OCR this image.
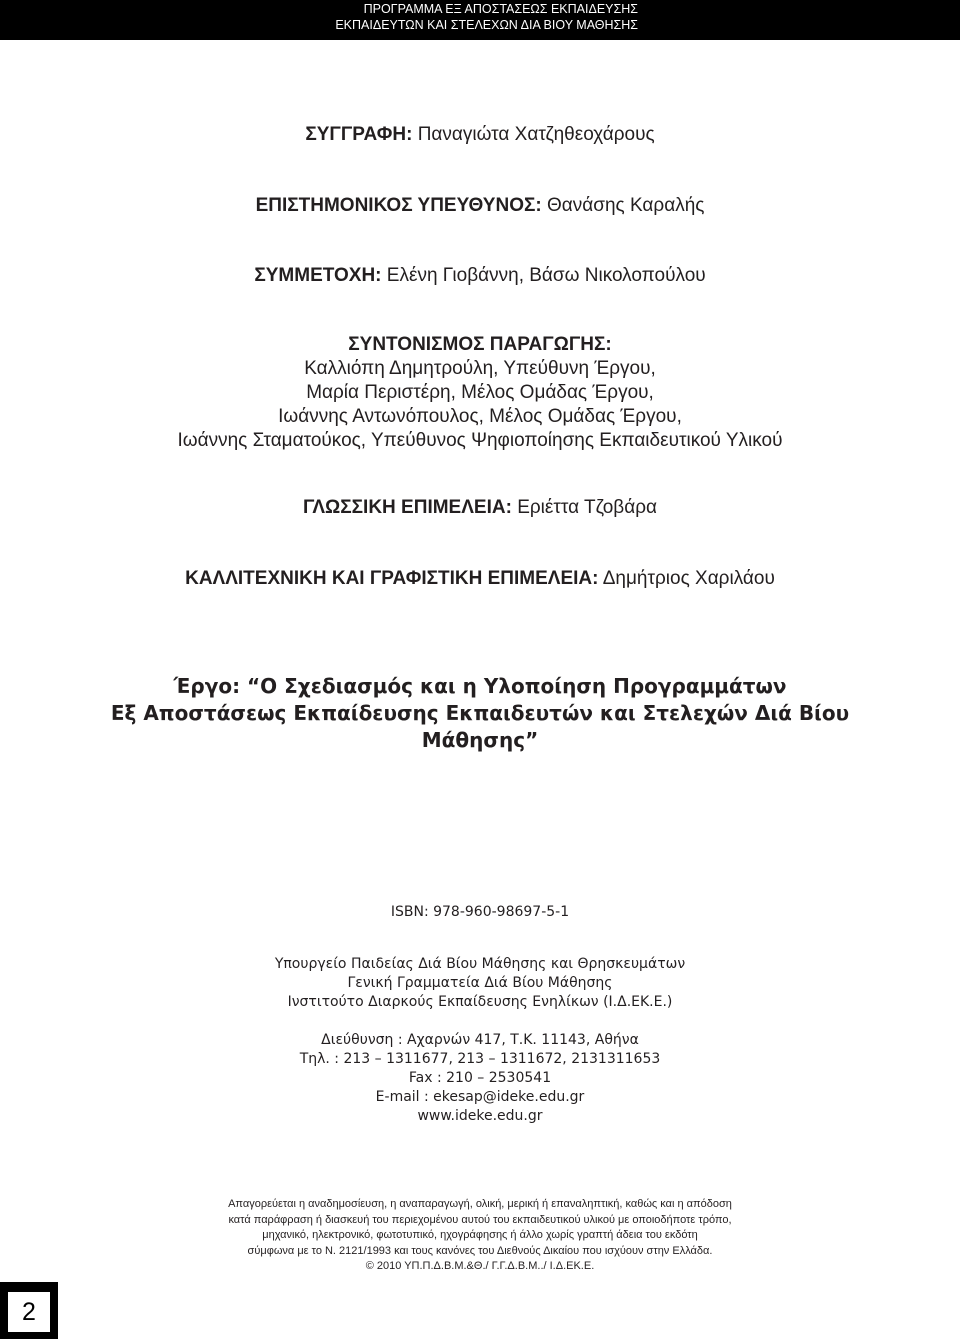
ΠΡΟΓΡΑΜΜΑ ΕΞ ΑΠΟΣΤΑΣΕΩΣ ΕΚΠΑΙΔΕΥΣΗΣ
ΕΚΠΑΙΔΕΥΤΩΝ ΚΑΙ ΣΤΕΛΕΧΩΝ ΔΙΑ ΒΙΟΥ ΜΑΘΗΣΗΣ
ΣΥΓΓΡΑΦΗ: Παναγιώτα Χατζηθεοχάρους
ΕΠΙΣΤΗΜΟΝΙΚΟΣ ΥΠΕΥΘΥΝΟΣ: Θανάσης Καραλής
ΣΥΜΜΕΤΟΧΗ: Ελένη Γιοβάννη, Βάσω Νικολοπούλου
ΣΥΝΤΟΝΙΣΜΟΣ ΠΑΡΑΓΩΓΗΣ:
Καλλιόπη Δημητρούλη, Υπεύθυνη Έργου,
Μαρία Περιστέρη, Μέλος Ομάδας Έργου,
Ιωάννης Αντωνόπουλος, Μέλος Ομάδας Έργου,
Ιωάννης Σταματούκος, Υπεύθυνος Ψηφιοποίησης Εκπαιδευτικού Υλικού
ΓΛΩΣΣΙΚΗ ΕΠΙΜΕΛΕΙΑ: Εριέττα Τζοβάρα
ΚΑΛΛΙΤΕΧΝΙΚΗ ΚΑΙ ΓΡΑΦΙΣΤΙΚΗ ΕΠΙΜΕΛΕΙΑ: Δημήτριος Χαριλάου
Έργο: “Ο Σχεδιασμός και η Υλοποίηση Προγραμμάτων
Εξ Αποστάσεως Εκπαίδευσης Εκπαιδευτών και Στελεχών Διά Βίου
Μάθησης”
ISBN: 978-960-98697-5-1
Υπουργείο Παιδείας Διά Βίου Μάθησης και Θρησκευμάτων
Γενική Γραμματεία Διά Βίου Μάθησης
Ινστιτούτο Διαρκούς Εκπαίδευσης Ενηλίκων (Ι.Δ.ΕΚ.Ε.)
Διεύθυνση : Αχαρνών 417, Τ.Κ. 11143, Αθήνα
Τηλ. : 213 – 1311677, 213 – 1311672, 2131311653
Fax : 210 – 2530541
E-mail : ekesap@ideke.edu.gr
www.ideke.edu.gr
Απαγορεύεται η αναδημοσίευση, η αναπαραγωγή, ολική, μερική ή επαναληπτική, καθώς και η απόδοση
κατά παράφραση ή διασκευή του περιεχομένου αυτού του εκπαιδευτικού υλικού με οποιοδήποτε τρόπο,
μηχανικό, ηλεκτρονικό, φωτοτυπικό, ηχογράφησης ή άλλο χωρίς γραπτή άδεια του εκδότη
σύμφωνα με το Ν. 2121/1993 και τους κανόνες του Διεθνούς Δικαίου που ισχύουν στην Ελλάδα.
© 2010 ΥΠ.Π.Δ.Β.Μ.&Θ./ Γ.Γ.Δ.Β.Μ../ Ι.Δ.ΕΚ.Ε.
2
